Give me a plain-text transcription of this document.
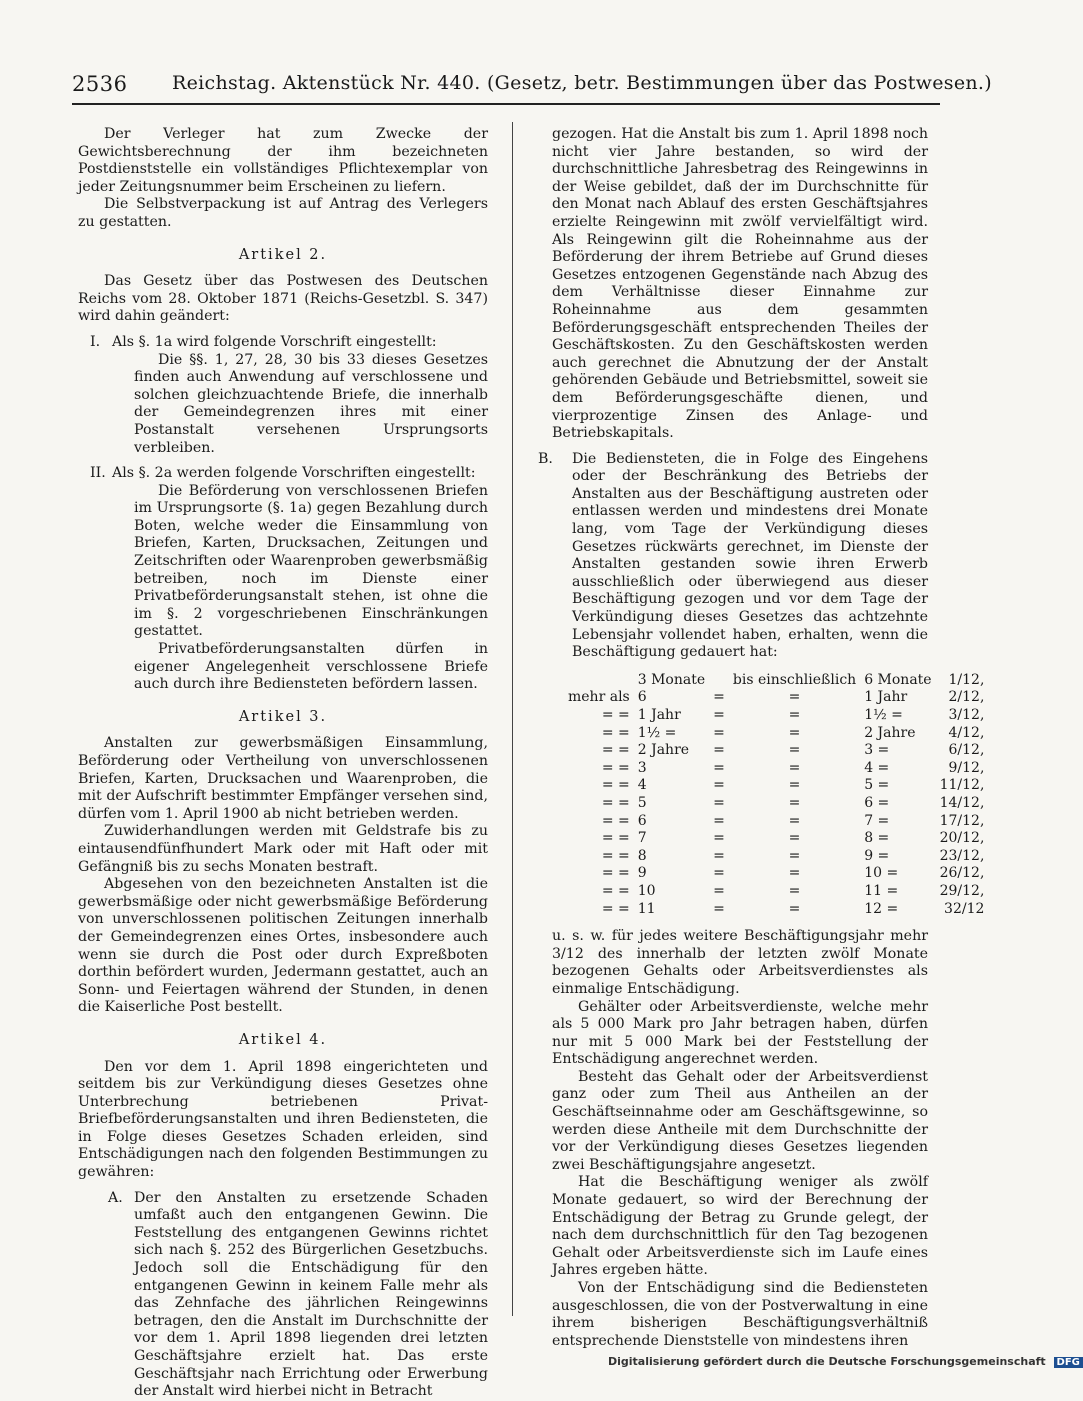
2536 Reichstag. Aktenstück Nr. 440. (Gesetz, betr. Bestimmungen über das Postwesen.)

Der Verleger hat zum Zwecke der Gewichtsberechnung der ihm bezeichneten Postdienststelle ein vollständiges Pflichtexemplar von jeder Zeitungsnummer beim Erscheinen zu liefern.

Die Selbstverpackung ist auf Antrag des Verlegers zu gestatten.

Artikel 2.

Das Gesetz über das Postwesen des Deutschen Reichs vom 28. Oktober 1871 (Reichs-Gesetzbl. S. 347) wird dahin geändert:

I. Als §. 1a wird folgende Vorschrift eingestellt:

Die §§. 1, 27, 28, 30 bis 33 dieses Gesetzes finden auch Anwendung auf verschlossene und solchen gleichzuachtende Briefe, die innerhalb der Gemeindegrenzen ihres mit einer Postanstalt versehenen Ursprungsorts verbleiben.

II. Als §. 2a werden folgende Vorschriften eingestellt:

Die Beförderung von verschlossenen Briefen im Ursprungsorte (§. 1a) gegen Bezahlung durch Boten, welche weder die Einsammlung von Briefen, Karten, Drucksachen, Zeitungen und Zeitschriften oder Waarenproben gewerbsmäßig betreiben, noch im Dienste einer Privatbeförderungsanstalt stehen, ist ohne die im §. 2 vorgeschriebenen Einschränkungen gestattet.

Privatbeförderungsanstalten dürfen in eigener Angelegenheit verschlossene Briefe auch durch ihre Bediensteten befördern lassen.

Artikel 3.

Anstalten zur gewerbsmäßigen Einsammlung, Beförderung oder Vertheilung von unverschlossenen Briefen, Karten, Drucksachen und Waarenproben, die mit der Aufschrift bestimmter Empfänger versehen sind, dürfen vom 1. April 1900 ab nicht betrieben werden.

Zuwiderhandlungen werden mit Geldstrafe bis zu eintausendfünfhundert Mark oder mit Haft oder mit Gefängniß bis zu sechs Monaten bestraft.

Abgesehen von den bezeichneten Anstalten ist die gewerbsmäßige oder nicht gewerbsmäßige Beförderung von unverschlossenen politischen Zeitungen innerhalb der Gemeindegrenzen eines Ortes, insbesondere auch wenn sie durch die Post oder durch Expreßboten dorthin befördert wurden, Jedermann gestattet, auch an Sonn- und Feiertagen während der Stunden, in denen die Kaiserliche Post bestellt.

Artikel 4.

Den vor dem 1. April 1898 eingerichteten und seitdem bis zur Verkündigung dieses Gesetzes ohne Unterbrechung betriebenen Privat-Briefbeförderungsanstalten und ihren Bediensteten, die in Folge dieses Gesetzes Schaden erleiden, sind Entschädigungen nach den folgenden Bestimmungen zu gewähren:

A. Der den Anstalten zu ersetzende Schaden umfaßt auch den entgangenen Gewinn. Die Feststellung des entgangenen Gewinns richtet sich nach §. 252 des Bürgerlichen Gesetzbuchs. Jedoch soll die Entschädigung für den entgangenen Gewinn in keinem Falle mehr als das Zehnfache des jährlichen Reingewinns betragen, den die Anstalt im Durchschnitte der vor dem 1. April 1898 liegenden drei letzten Geschäftsjahre erzielt hat. Das erste Geschäftsjahr nach Errichtung oder Erwerbung der Anstalt wird hierbei nicht in Betracht

gezogen. Hat die Anstalt bis zum 1. April 1898 noch nicht vier Jahre bestanden, so wird der durchschnittliche Jahresbetrag des Reingewinns in der Weise gebildet, daß der im Durchschnitte für den Monat nach Ablauf des ersten Geschäftsjahres erzielte Reingewinn mit zwölf vervielfältigt wird. Als Reingewinn gilt die Roheinnahme aus der Beförderung der ihrem Betriebe auf Grund dieses Gesetzes entzogenen Gegenstände nach Abzug des dem Verhältnisse dieser Einnahme zur Roheinnahme aus dem gesammten Beförderungsgeschäft entsprechenden Theiles der Geschäftskosten. Zu den Geschäftskosten werden auch gerechnet die Abnutzung der der Anstalt gehörenden Gebäude und Betriebsmittel, soweit sie dem Beförderungsgeschäfte dienen, und vierprozentige Zinsen des Anlage- und Betriebskapitals.

B. Die Bediensteten, die in Folge des Eingehens oder der Beschränkung des Betriebs der Anstalten aus der Beschäftigung austreten oder entlassen werden und mindestens drei Monate lang, vom Tage der Verkündigung dieses Gesetzes rückwärts gerechnet, im Dienste der Anstalten gestanden sowie ihren Erwerb ausschließlich oder überwiegend aus dieser Beschäftigung gezogen und vor dem Tage der Verkündigung dieses Gesetzes das achtzehnte Lebensjahr vollendet haben, erhalten, wenn die Beschäftigung gedauert hat:

	3 Monate		bis einschließlich	6 Monate	1/12,
mehr als	6	=	=	1 Jahr	2/12,
= =	1 Jahr	=	=	1½ =	3/12,
= =	1½ =	=	=	2 Jahre	4/12,
= =	2 Jahre	=	=	3 =	6/12,
= =	3	=	=	4 =	9/12,
= =	4	=	=	5 =	11/12,
= =	5	=	=	6 =	14/12,
= =	6	=	=	7 =	17/12,
= =	7	=	=	8 =	20/12,
= =	8	=	=	9 =	23/12,
= =	9	=	=	10 =	26/12,
= =	10	=	=	11 =	29/12,
= =	11	=	=	12 =	32/12

u. s. w. für jedes weitere Beschäftigungsjahr mehr 3/12 des innerhalb der letzten zwölf Monate bezogenen Gehalts oder Arbeitsverdienstes als einmalige Entschädigung.

Gehälter oder Arbeitsverdienste, welche mehr als 5 000 Mark pro Jahr betragen haben, dürfen nur mit 5 000 Mark bei der Feststellung der Entschädigung angerechnet werden.

Besteht das Gehalt oder der Arbeitsverdienst ganz oder zum Theil aus Antheilen an der Geschäftseinnahme oder am Geschäftsgewinne, so werden diese Antheile mit dem Durchschnitte der vor der Verkündigung dieses Gesetzes liegenden zwei Beschäftigungsjahre angesetzt.

Hat die Beschäftigung weniger als zwölf Monate gedauert, so wird der Berechnung der Entschädigung der Betrag zu Grunde gelegt, der nach dem durchschnittlich für den Tag bezogenen Gehalt oder Arbeitsverdienste sich im Laufe eines Jahres ergeben hätte.

Von der Entschädigung sind die Bediensteten ausgeschlossen, die von der Postverwaltung in eine ihrem bisherigen Beschäftigungsverhältniß entsprechende Dienststelle von mindestens ihren

Digitalisierung gefördert durch die Deutsche Forschungsgemeinschaft DFG
